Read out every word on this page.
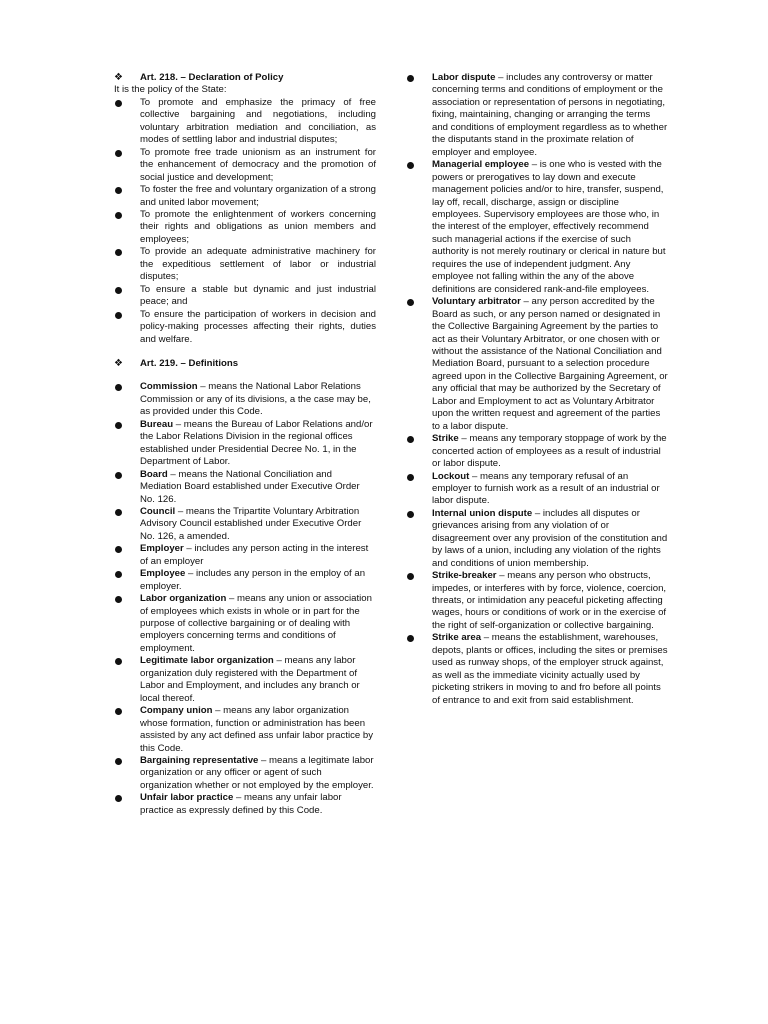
❖	Art. 218. – Declaration of Policy

It is the policy of the State:

To promote and emphasize the primacy of free collective bargaining and negotiations, including voluntary arbitration mediation and conciliation, as modes of settling labor and industrial disputes;
To promote free trade unionism as an instrument for the enhancement of democracy and the promotion of social justice and development;
To foster the free and voluntary organization of a strong and united labor movement;
To promote the enlightenment of workers concerning their rights and obligations as union members and employees;
To provide an adequate administrative machinery for the expeditious settlement of labor or industrial disputes;
To ensure a stable but dynamic and just industrial peace; and
To ensure the participation of workers in decision and policy-making processes affecting their rights, duties and welfare.
❖	Art. 219. – Definitions
Commission – means the National Labor Relations Commission or any of its divisions, a the case may be, as provided under this Code.
Bureau – means the Bureau of Labor Relations and/or the Labor Relations Division in the regional offices established under Presidential Decree No. 1, in the Department of Labor.
Board – means the National Conciliation and Mediation Board established under Executive Order No. 126.
Council – means the Tripartite Voluntary Arbitration Advisory Council established under Executive Order No. 126, a amended.
Employer – includes any person acting in the interest of an employer
Employee – includes any person in the employ of an employer.
Labor organization – means any union or association of employees which exists in whole or in part for the purpose of collective bargaining or of dealing with employers concerning terms and conditions of employment.
Legitimate labor organization – means any labor organization duly registered with the Department of Labor and Employment, and includes any branch or local thereof.
Company union – means any labor organization whose formation, function or administration has been assisted by any act defined ass unfair labor practice by this Code.
Bargaining representative – means a legitimate labor organization or any officer or agent of such organization whether or not employed by the employer.
Unfair labor practice – means any unfair labor practice as expressly defined by this Code.
Labor dispute – includes any controversy or matter concerning terms and conditions of employment or the association or representation of persons in negotiating, fixing, maintaining, changing or arranging the terms and conditions of employment regardless as to whether the disputants stand in the proximate relation of employer and employee.
Managerial employee – is one who is vested with the powers or prerogatives to lay down and execute management policies and/or to hire, transfer, suspend, lay off, recall, discharge, assign or discipline employees. Supervisory employees are those who, in the interest of the employer, effectively recommend such managerial actions if the exercise of such authority is not merely routinary or clerical in nature but requires the use of independent judgment. Any employee not falling within the any of the above definitions are considered rank-and-file employees.
Voluntary arbitrator – any person accredited by the Board as such, or any person named or designated in the Collective Bargaining Agreement by the parties to act as their Voluntary Arbitrator, or one chosen with or without the assistance of the National Conciliation and Mediation Board, pursuant to a selection procedure agreed upon in the Collective Bargaining Agreement, or any official that may be authorized by the Secretary of Labor and Employment to act as Voluntary Arbitrator upon the written request and agreement of the parties to a labor dispute.
Strike – means any temporary stoppage of work by the concerted action of employees as a result of industrial or labor dispute.
Lockout – means any temporary refusal of an employer to furnish work as a result of an industrial or labor dispute.
Internal union dispute – includes all disputes or grievances arising from any violation of or disagreement over any provision of the constitution and by laws of a union, including any violation of the rights and conditions of union membership.
Strike-breaker – means any person who obstructs, impedes, or interferes with by force, violence, coercion, threats, or intimidation any peaceful picketing affecting wages, hours or conditions of work or in the exercise of the right of self-organization or collective bargaining.
Strike area – means the establishment, warehouses, depots, plants or offices, including the sites or premises used as runway shops, of the employer struck against, as well as the immediate vicinity actually used by picketing strikers in moving to and fro before all points of entrance to and exit from said establishment.
